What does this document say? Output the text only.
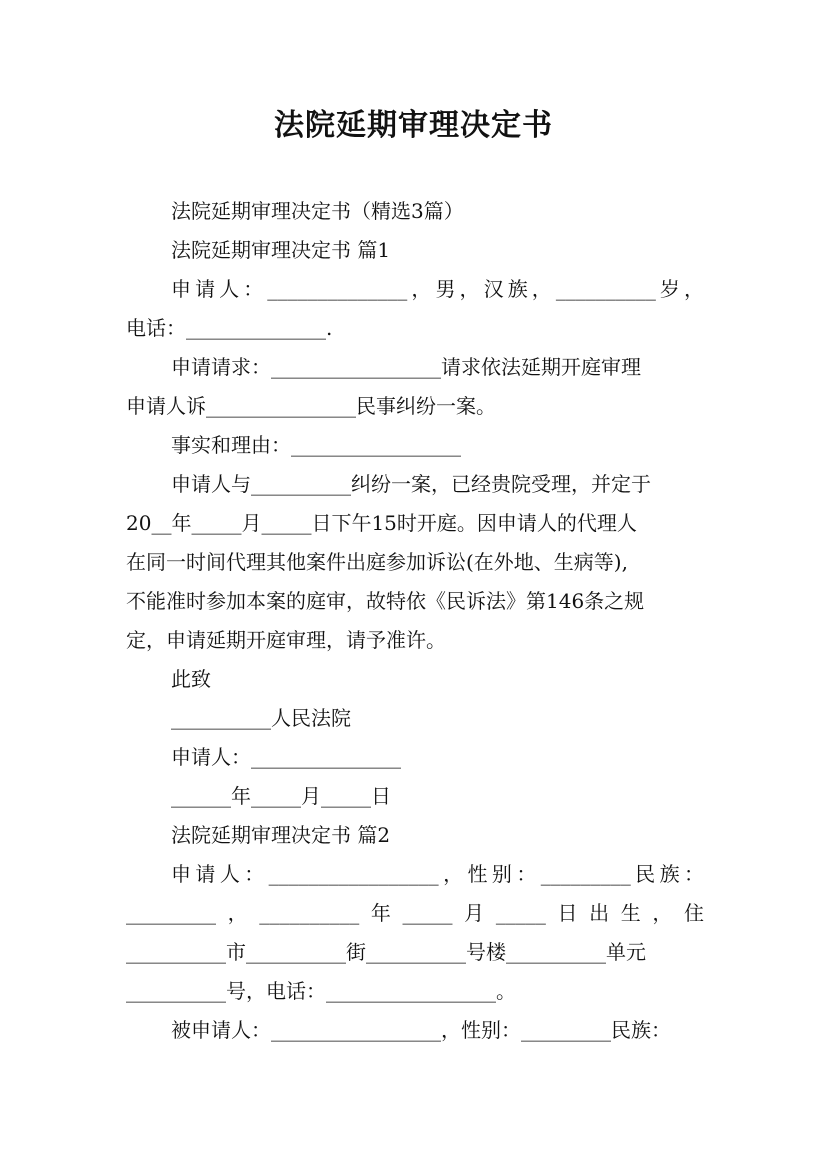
法院延期审理决定书
法院延期审理决定书（精选3篇）
法院延期审理决定书 篇1
申请人：______________，男，汉族，__________岁，
电话：______________.
申请请求：_________________请求依法延期开庭审理
申请人诉_______________民事纠纷一案。
事实和理由：_________________
申请人与__________纠纷一案，已经贵院受理，并定于
20__年_____月_____日下午15时开庭。因申请人的代理人
在同一时间代理其他案件出庭参加诉讼(在外地、生病等),
不能准时参加本案的庭审，故特依《民诉法》第146条之规
定，申请延期开庭审理，请予准许。
此致
__________人民法院
申请人：_______________
______年_____月_____日
法院延期审理决定书 篇2
申请人：_________________，性别：_________民族：
_________，__________年_____月_____日出生，住
__________市__________街__________号楼__________单元
__________号，电话：_________________。
被申请人：_________________，性别：_________民族：
